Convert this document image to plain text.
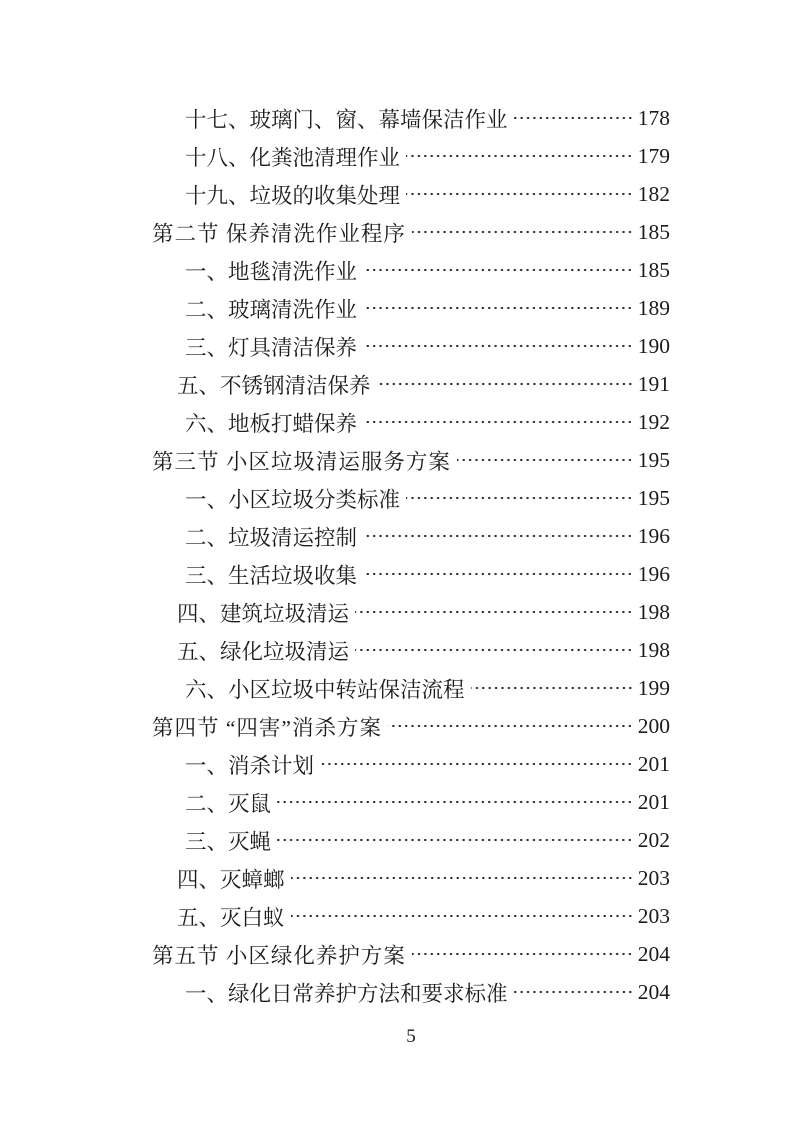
十七、玻璃门、窗、幕墙保洁作业	178
十八、化粪池清理作业	179
十九、垃圾的收集处理	182
第二节 保养清洗作业程序	185
一、地毯清洗作业	185
二、玻璃清洗作业	189
三、灯具清洁保养	190
五、不锈钢清洁保养	191
六、地板打蜡保养	192
第三节 小区垃圾清运服务方案	195
一、小区垃圾分类标准	195
二、垃圾清运控制	196
三、生活垃圾收集	196
四、建筑垃圾清运	198
五、绿化垃圾清运	198
六、小区垃圾中转站保洁流程	199
第四节 “四害”消杀方案	200
一、消杀计划	201
二、灭鼠	201
三、灭蝇	202
四、灭蟑螂	203
五、灭白蚁	203
第五节 小区绿化养护方案	204
一、绿化日常养护方法和要求标准	204
5
